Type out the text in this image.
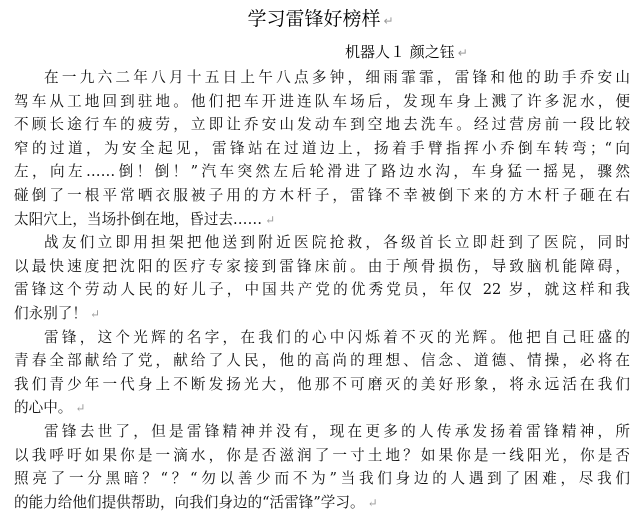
学习雷锋好榜样 ↵
机器人１ 颜之钰 ↵
在一九六二年八月十五日上午八点多钟，细雨霏霏，雷锋和他的助手乔安山
驾车从工地回到驻地。他们把车开进连队车场后，发现车身上溅了许多泥水，便
不顾长途行车的疲劳，立即让乔安山发动车到空地去洗车。经过营房前一段比较
窄的过道，为安全起见，雷锋站在过道边上，扬着手臂指挥小乔倒车转弯；“向
左，向左……倒！倒！”汽车突然左后轮滑进了路边水沟，车身猛一摇晃，骤然
碰倒了一根平常晒衣服被子用的方木杆子，雷锋不幸被倒下来的方木杆子砸在右
太阳穴上，当场扑倒在地，昏过去…… ↵
战友们立即用担架把他送到附近医院抢救，各级首长立即赶到了医院，同时
以最快速度把沈阳的医疗专家接到雷锋床前。由于颅骨损伤，导致脑机能障碍，
雷锋这个劳动人民的好儿子，中国共产党的优秀党员，年仅 22 岁，就这样和我
们永别了！ ↵
雷锋，这个光辉的名字，在我们的心中闪烁着不灭的光辉。他把自己旺盛的
青春全部献给了党，献给了人民，他的高尚的理想、信念、道德、情操，必将在
我们青少年一代身上不断发扬光大，他那不可磨灭的美好形象，将永远活在我们
的心中。 ↵
雷锋去世了，但是雷锋精神并没有，现在更多的人传承发扬着雷锋精神，所
以我呼吁如果你是一滴水，你是否滋润了一寸土地？如果你是一线阳光，你是否
照亮了一分黑暗？“？“勿以善少而不为”当我们身边的人遇到了困难，尽我们
的能力给他们提供帮助，向我们身边的“活雷锋”学习。 ↵
